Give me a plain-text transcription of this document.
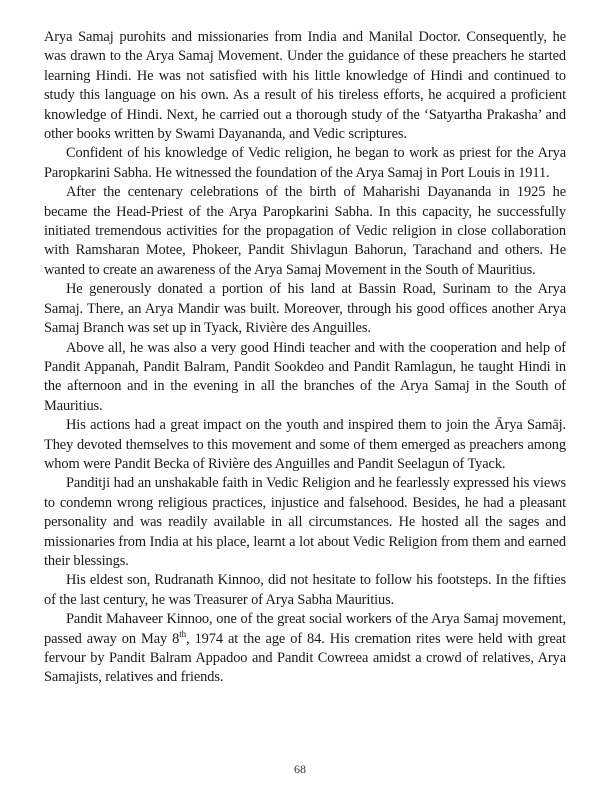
Arya Samaj purohits and missionaries from India and Manilal Doctor. Consequently, he was drawn to the Arya Samaj Movement. Under the guidance of these preachers he started learning Hindi. He was not satisfied with his little knowledge of Hindi and continued to study this language on his own. As a result of his tireless efforts, he acquired a proficient knowledge of Hindi. Next, he carried out a thorough study of the ‘Satyartha Prakasha’ and other books written by Swami Dayananda, and Vedic scriptures.

Confident of his knowledge of Vedic religion, he began to work as priest for the Arya Paropkarini Sabha. He witnessed the foundation of the Arya Samaj in Port Louis in 1911.

After the centenary celebrations of the birth of Maharishi Dayananda in 1925 he became the Head-Priest of the Arya Paropkarini Sabha. In this capacity, he successfully initiated tremendous activities for the propagation of Vedic religion in close collaboration with Ramsharan Motee, Phokeer, Pandit Shivlagun Bahorun, Tarachand and others. He wanted to create an awareness of the Arya Samaj Movement in the South of Mauritius.

He generously donated a portion of his land at Bassin Road, Surinam to the Arya Samaj. There, an Arya Mandir was built. Moreover, through his good offices another Arya Samaj Branch was set up in Tyack, Rivière des Anguilles.

Above all, he was also a very good Hindi teacher and with the cooperation and help of Pandit Appanah, Pandit Balram, Pandit Sookdeo and Pandit Ramlagun, he taught Hindi in the afternoon and in the evening in all the branches of the Arya Samaj in the South of Mauritius.

His actions had a great impact on the youth and inspired them to join the Ārya Samāj. They devoted themselves to this movement and some of them emerged as preachers among whom were Pandit Becka of Rivière des Anguilles and Pandit Seelagun of Tyack.

Panditji had an unshakable faith in Vedic Religion and he fearlessly expressed his views to condemn wrong religious practices, injustice and falsehood. Besides, he had a pleasant personality and was readily available in all circumstances. He hosted all the sages and missionaries from India at his place, learnt a lot about Vedic Religion from them and earned their blessings.

His eldest son, Rudranath Kinnoo, did not hesitate to follow his footsteps. In the fifties of the last century, he was Treasurer of Arya Sabha Mauritius.

Pandit Mahaveer Kinnoo, one of the great social workers of the Arya Samaj movement, passed away on May 8th, 1974 at the age of 84. His cremation rites were held with great fervour by Pandit Balram Appadoo and Pandit Cowreea amidst a crowd of relatives, Arya Samajists, relatives and friends.

68
